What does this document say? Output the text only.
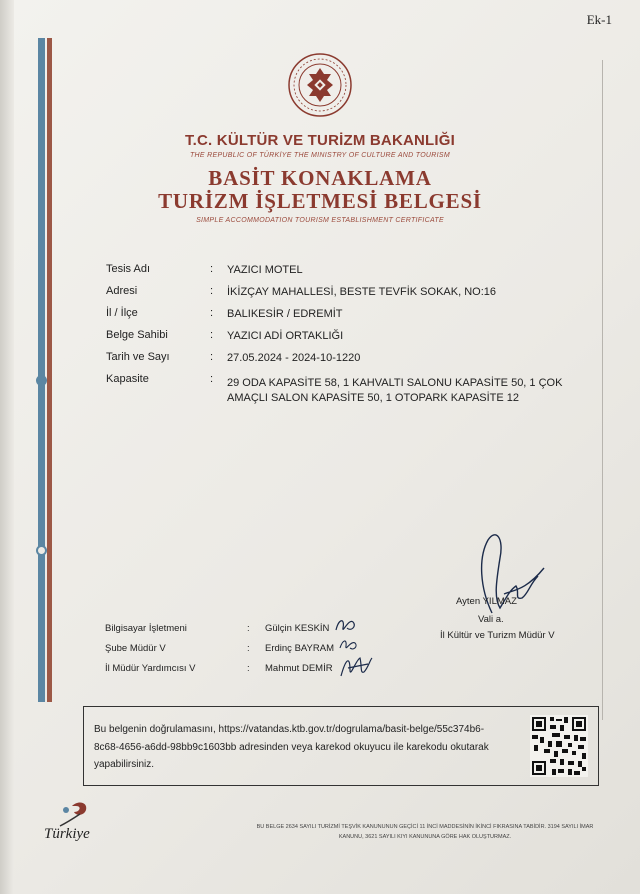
Ek-1
T.C. KÜLTÜR VE TURİZM BAKANLIĞI
THE REPUBLIC OF TÜRKİYE THE MINISTRY OF CULTURE AND TOURISM
BASİT KONAKLAMA
TURİZM İŞLETMESİ BELGESİ
SIMPLE ACCOMMODATION TOURISM ESTABLISHMENT CERTIFICATE
Tesis Adı	: YAZICI MOTEL
Adresi	: İKİZÇAY MAHALLESİ, BESTE TEVFİK SOKAK, NO:16
İl / İlçe	: BALIKESİR / EDREMİT
Belge Sahibi	: YAZICI ADİ ORTAKLIĞI
Tarih ve Sayı	: 27.05.2024 - 2024-10-1220
Kapasite	: 29 ODA KAPASİTE 58, 1 KAHVALTI SALONU KAPASİTE 50, 1 ÇOK AMAÇLI SALON KAPASİTE 50, 1 OTOPARK KAPASİTE 12
Ayten YILMAZ
Vali a.
İl Kültür ve Turizm Müdür V
Bilgisayar İşletmeni	: Gülçin KESKİN
Şube Müdür V	: Erdinç BAYRAM
İl Müdür Yardımcısı V	: Mahmut DEMİR
Bu belgenin doğrulamasını, https://vatandas.ktb.gov.tr/dogrulama/basit-belge/55c374b6-8c68-4656-a6dd-98bb9c1603bb adresinden veya karekod okuyucu ile karekodu okutarak yapabilirsiniz.
Türkiye	BU BELGE 2634 SAYILI TURİZMİ TEŞVİK KANUNUNUN GEÇİCİ 11 İNCİ MADDESİNİN İKİNCİ FIKRASINA TABİDİR. 3194 SAYILI İMAR KANUNU, 3621 SAYILI KIYI KANUNUNA GÖRE HAK OLUŞTURMAZ.
